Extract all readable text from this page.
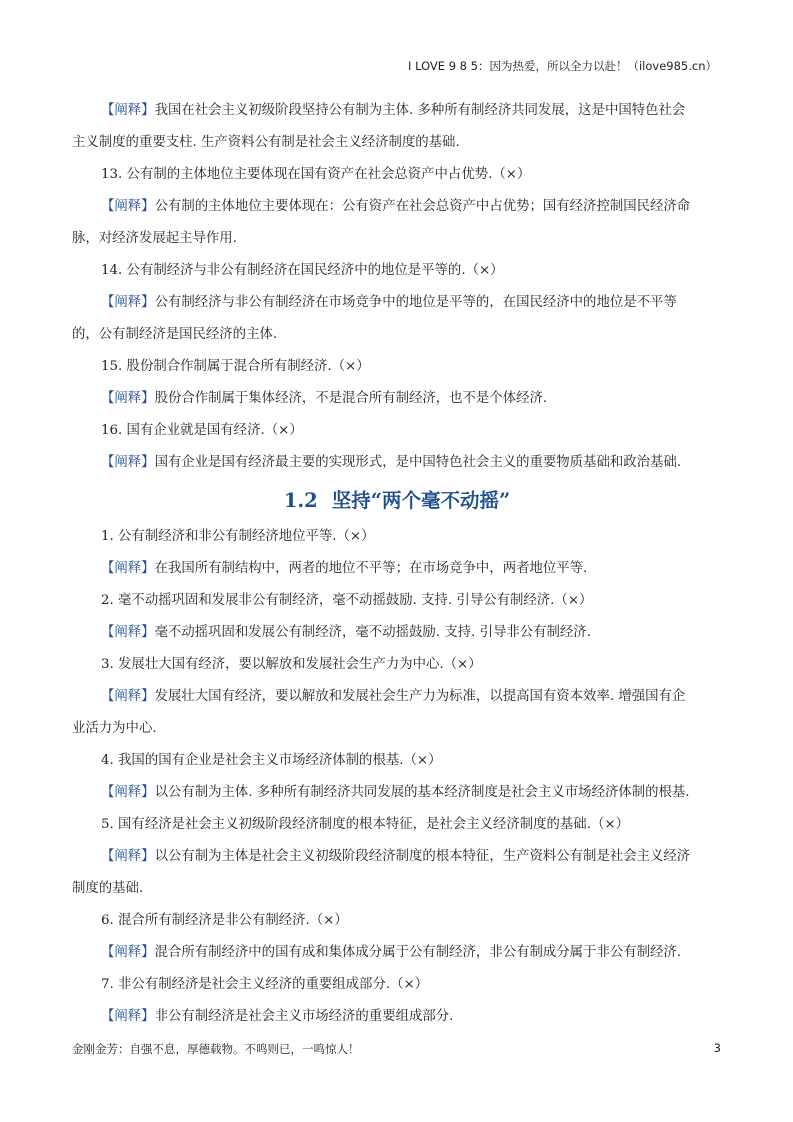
I LOVE 9 8 5：因为热爱，所以全力以赴！（ilove985.cn）
【阐释】我国在社会主义初级阶段坚持公有制为主体. 多种所有制经济共同发展，这是中国特色社会
主义制度的重要支柱. 生产资料公有制是社会主义经济制度的基础.
13. 公有制的主体地位主要体现在国有资产在社会总资产中占优势.（×）
【阐释】公有制的主体地位主要体现在：公有资产在社会总资产中占优势；国有经济控制国民经济命
脉，对经济发展起主导作用.
14. 公有制经济与非公有制经济在国民经济中的地位是平等的.（×）
【阐释】公有制经济与非公有制经济在市场竞争中的地位是平等的，在国民经济中的地位是不平等
的，公有制经济是国民经济的主体.
15. 股份制合作制属于混合所有制经济.（×）
【阐释】股份合作制属于集体经济，不是混合所有制经济，也不是个体经济.
16. 国有企业就是国有经济.（×）
【阐释】国有企业是国有经济最主要的实现形式，是中国特色社会主义的重要物质基础和政治基础.
1.2 坚持“两个毫不动摇”
1. 公有制经济和非公有制经济地位平等.（×）
【阐释】在我国所有制结构中，两者的地位不平等；在市场竞争中，两者地位平等.
2. 毫不动摇巩固和发展非公有制经济，毫不动摇鼓励. 支持. 引导公有制经济.（×）
【阐释】毫不动摇巩固和发展公有制经济，毫不动摇鼓励. 支持. 引导非公有制经济.
3. 发展壮大国有经济，要以解放和发展社会生产力为中心.（×）
【阐释】发展壮大国有经济，要以解放和发展社会生产力为标准，以提高国有资本效率. 增强国有企
业活力为中心.
4. 我国的国有企业是社会主义市场经济体制的根基.（×）
【阐释】以公有制为主体. 多种所有制经济共同发展的基本经济制度是社会主义市场经济体制的根基.
5. 国有经济是社会主义初级阶段经济制度的根本特征，是社会主义经济制度的基础.（×）
【阐释】以公有制为主体是社会主义初级阶段经济制度的根本特征，生产资料公有制是社会主义经济
制度的基础.
6. 混合所有制经济是非公有制经济.（×）
【阐释】混合所有制经济中的国有成和集体成分属于公有制经济，非公有制成分属于非公有制经济.
7. 非公有制经济是社会主义经济的重要组成部分.（×）
【阐释】非公有制经济是社会主义市场经济的重要组成部分.
金刚金芳：自强不息，厚德载物。不鸣则已，一鸣惊人！	3
